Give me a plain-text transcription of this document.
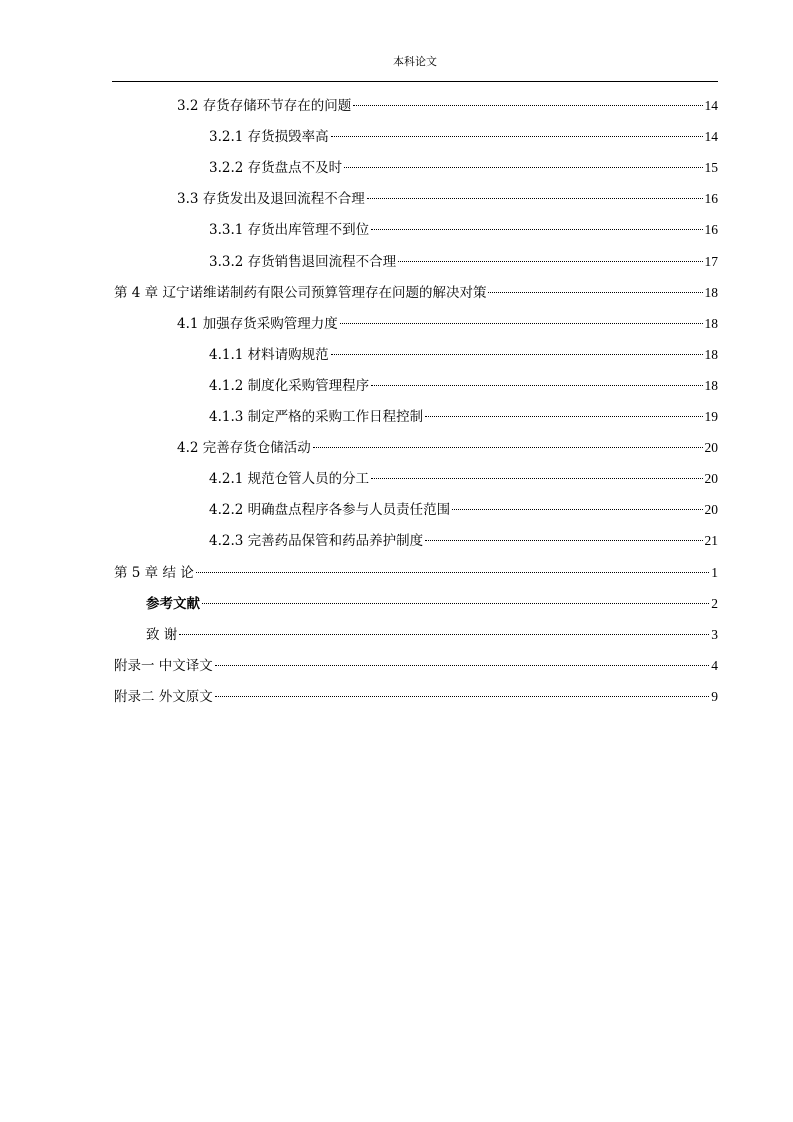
本科论文
3.2 存货存储环节存在的问题	14
3.2.1 存货损毁率高	14
3.2.2 存货盘点不及时	15
3.3 存货发出及退回流程不合理	16
3.3.1 存货出库管理不到位	16
3.3.2 存货销售退回流程不合理	17
第 4 章 辽宁诺维诺制药有限公司预算管理存在问题的解决对策	18
4.1 加强存货采购管理力度	18
4.1.1 材料请购规范	18
4.1.2 制度化采购管理程序	18
4.1.3 制定严格的采购工作日程控制	19
4.2 完善存货仓储活动	20
4.2.1 规范仓管人员的分工	20
4.2.2 明确盘点程序各参与人员责任范围	20
4.2.3 完善药品保管和药品养护制度	21
第 5 章 结 论	1
参考文献	2
致 谢	3
附录一 中文译文	4
附录二 外文原文	9
